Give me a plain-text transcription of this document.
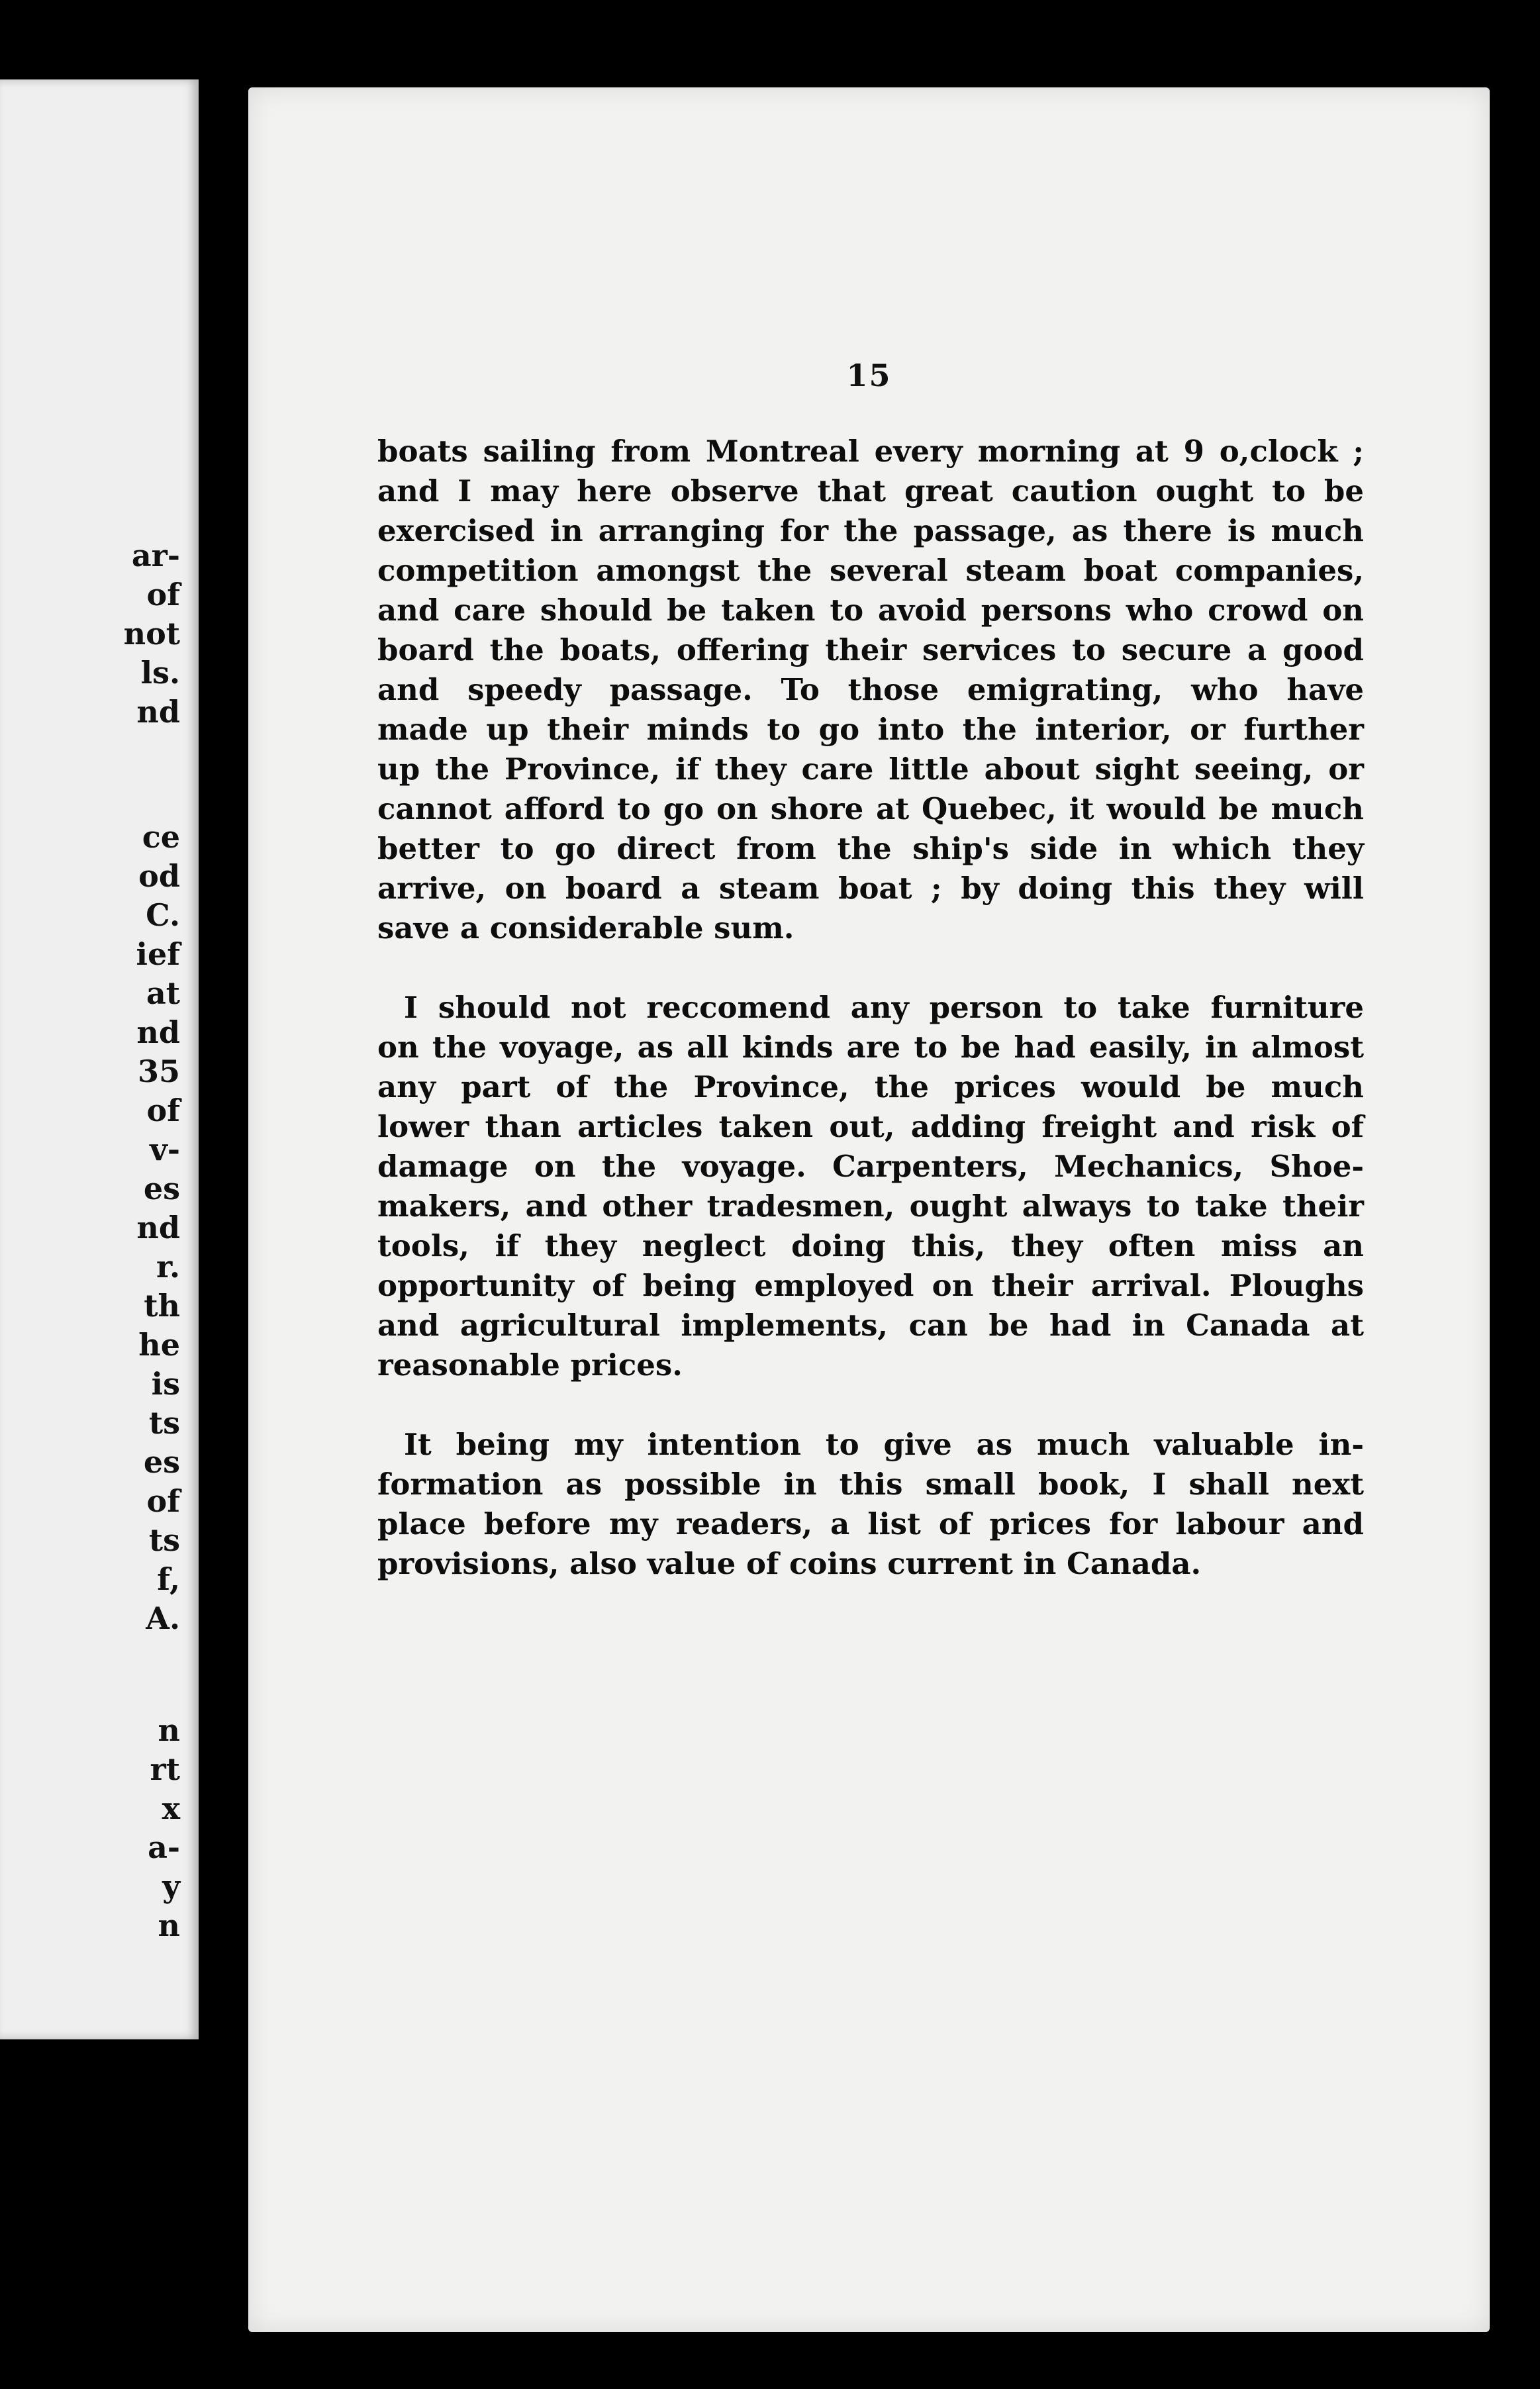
ar-
of
not
ls.
nd
ce
od
C.
ief
at
nd
35
of
v-
es
nd
r.
th
he
is
ts
es
of
ts
f,
A.
n
rt
x
a-
y
n
15
boats sailing from Montreal every morning at 9 o,clock ;
and I may here observe that great caution ought to be
exercised in arranging for the passage, as there is much
competition amongst the several steam boat companies,
and care should be taken to avoid persons who crowd on
board the boats, offering their services to secure a good
and speedy passage. To those emigrating, who have
made up their minds to go into the interior, or further
up the Province, if they care little about sight seeing, or
cannot afford to go on shore at Quebec, it would be much
better to go direct from the ship's side in which they
arrive, on board a steam boat ; by doing this they will
save a considerable sum.
I should not reccomend any person to take furniture
on the voyage, as all kinds are to be had easily, in almost
any part of the Province, the prices would be much
lower than articles taken out, adding freight and risk of
damage on the voyage. Carpenters, Mechanics, Shoe-
makers, and other tradesmen, ought always to take their
tools, if they neglect doing this, they often miss an
opportunity of being employed on their arrival. Ploughs
and agricultural implements, can be had in Canada at
reasonable prices.
It being my intention to give as much valuable in-
formation as possible in this small book, I shall next
place before my readers, a list of prices for labour and
provisions, also value of coins current in Canada.
